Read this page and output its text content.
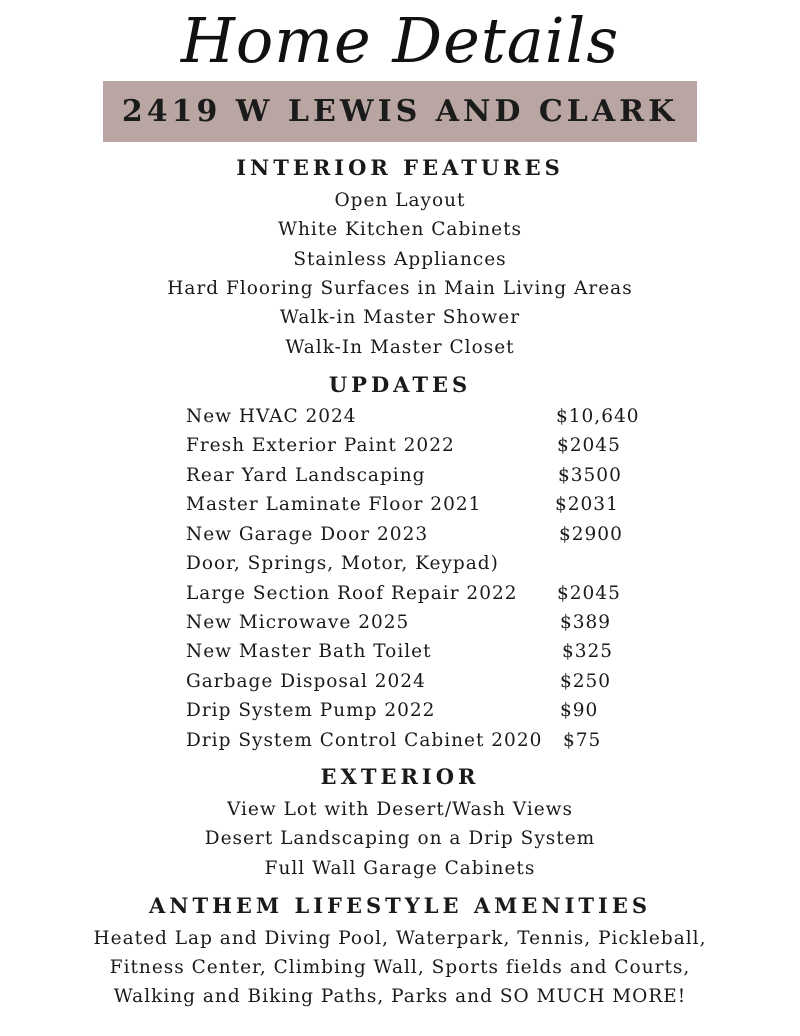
Home Details
2419 W LEWIS AND CLARK
INTERIOR FEATURES
Open Layout
White Kitchen Cabinets
Stainless Appliances
Hard Flooring Surfaces in Main Living Areas
Walk-in Master Shower
Walk-In Master Closet
UPDATES
New HVAC 2024	$10,640
Fresh Exterior Paint 2022	$2045
Rear Yard Landscaping	$3500
Master Laminate Floor 2021	$2031
New Garage Door 2023	$2900
Door, Springs, Motor, Keypad)
Large Section Roof Repair 2022 $2045
New Microwave 2025	$389
New Master Bath Toilet	$325
Garbage Disposal 2024	$250
Drip System Pump 2022	$90
Drip System Control Cabinet 2020 $75
EXTERIOR
View Lot with Desert/Wash Views
Desert Landscaping on a Drip System
Full Wall Garage Cabinets
ANTHEM LIFESTYLE AMENITIES
Heated Lap and Diving Pool, Waterpark, Tennis, Pickleball,
Fitness Center, Climbing Wall, Sports fields and Courts,
Walking and Biking Paths, Parks and SO MUCH MORE!
